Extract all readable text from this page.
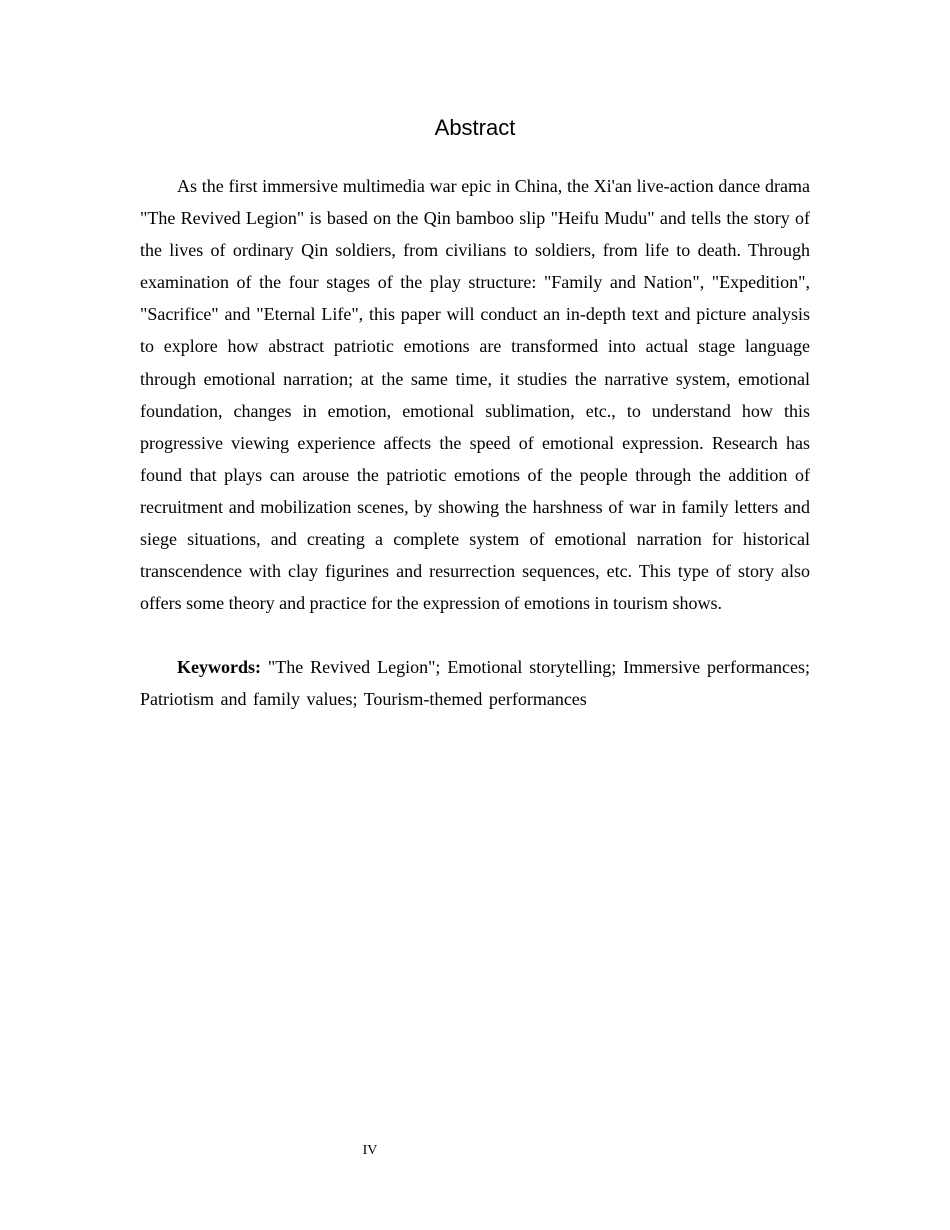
Abstract

As the first immersive multimedia war epic in China, the Xi'an live-action dance drama "The Revived Legion" is based on the Qin bamboo slip "Heifu Mudu" and tells the story of the lives of ordinary Qin soldiers, from civilians to soldiers, from life to death. Through examination of the four stages of the play structure: "Family and Nation", "Expedition", "Sacrifice" and "Eternal Life", this paper will conduct an in-depth text and picture analysis to explore how abstract patriotic emotions are transformed into actual stage language through emotional narration; at the same time, it studies the narrative system, emotional foundation, changes in emotion, emotional sublimation, etc., to understand how this progressive viewing experience affects the speed of emotional expression. Research has found that plays can arouse the patriotic emotions of the people through the addition of recruitment and mobilization scenes, by showing the harshness of war in family letters and siege situations, and creating a complete system of emotional narration for historical transcendence with clay figurines and resurrection sequences, etc. This type of story also offers some theory and practice for the expression of emotions in tourism shows.

Keywords: "The Revived Legion"; Emotional storytelling; Immersive performances; Patriotism and family values; Tourism-themed performances

IV
